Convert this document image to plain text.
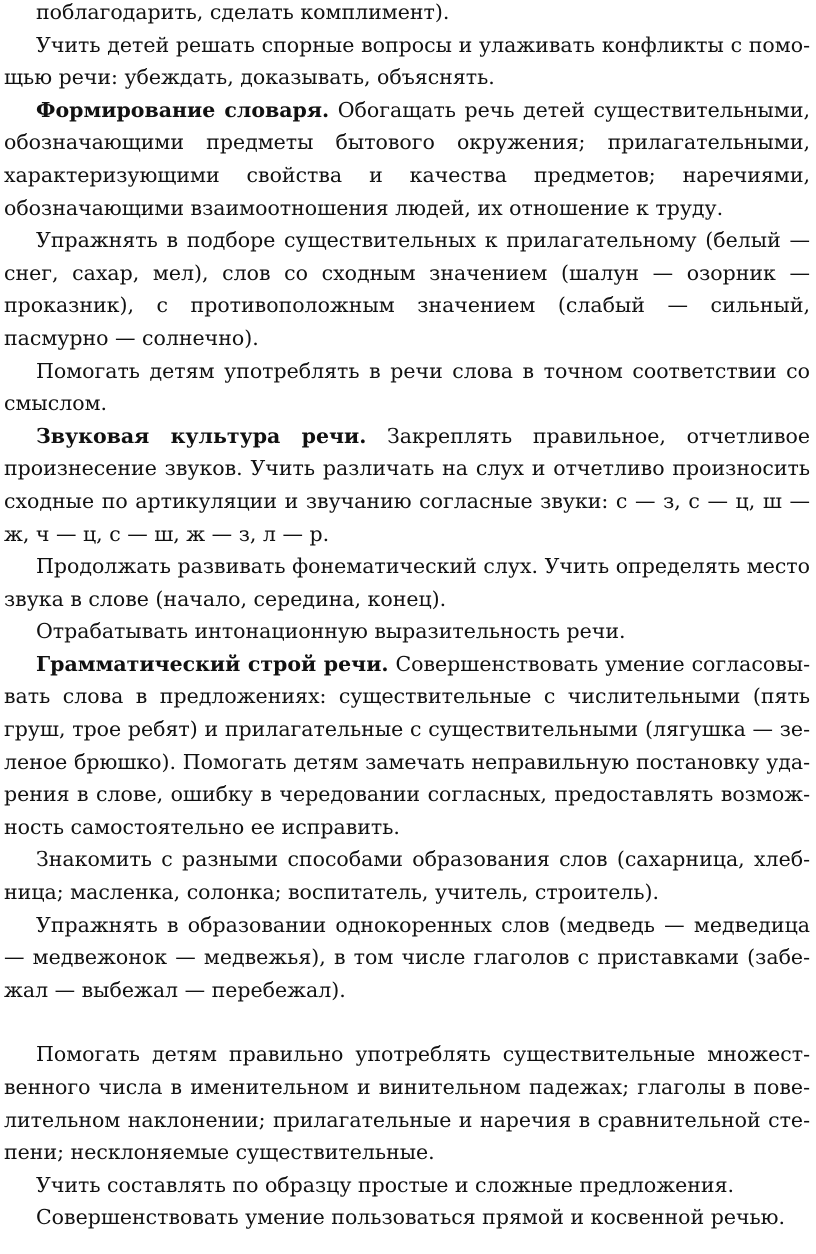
поблагодарить, сделать комплимент).

Учить детей решать спорные вопросы и улаживать конфликты с помощью речи: убеждать, доказывать, объяснять.

Формирование словаря. Обогащать речь детей существительными, обозначающими предметы бытового окружения; прилагательными, характеризующими свойства и качества предметов; наречиями, обозначающими взаимоотношения людей, их отношение к труду.

Упражнять в подборе существительных к прилагательному (белый — снег, сахар, мел), слов со сходным значением (шалун — озорник — проказник), с противоположным значением (слабый — сильный, пасмурно — солнечно).

Помогать детям употреблять в речи слова в точном соответствии со смыслом.

Звуковая культура речи. Закреплять правильное, отчетливое произнесение звуков. Учить различать на слух и отчетливо произносить сходные по артикуляции и звучанию согласные звуки: с — з, с — ц, ш — ж, ч — ц, с — ш, ж — з, л — р.

Продолжать развивать фонематический слух. Учить определять место звука в слове (начало, середина, конец).

Отрабатывать интонационную выразительность речи.

Грамматический строй речи. Совершенствовать умение согласовывать слова в предложениях: существительные с числительными (пять груш, трое ребят) и прилагательные с существительными (лягушка — зеленое брюшко). Помогать детям замечать неправильную постановку ударения в слове, ошибку в чередовании согласных, предоставлять возможность самостоятельно ее исправить.

Знакомить с разными способами образования слов (сахарница, хлебница; масленка, солонка; воспитатель, учитель, строитель).

Упражнять в образовании однокоренных слов (медведь — медведица — медвежонок — медвежья), в том числе глаголов с приставками (забежал — выбежал — перебежал).

Помогать детям правильно употреблять существительные множественного числа в именительном и винительном падежах; глаголы в повелительном наклонении; прилагательные и наречия в сравнительной степени; несклоняемые существительные.

Учить составлять по образцу простые и сложные предложения.

Совершенствовать умение пользоваться прямой и косвенной речью.
